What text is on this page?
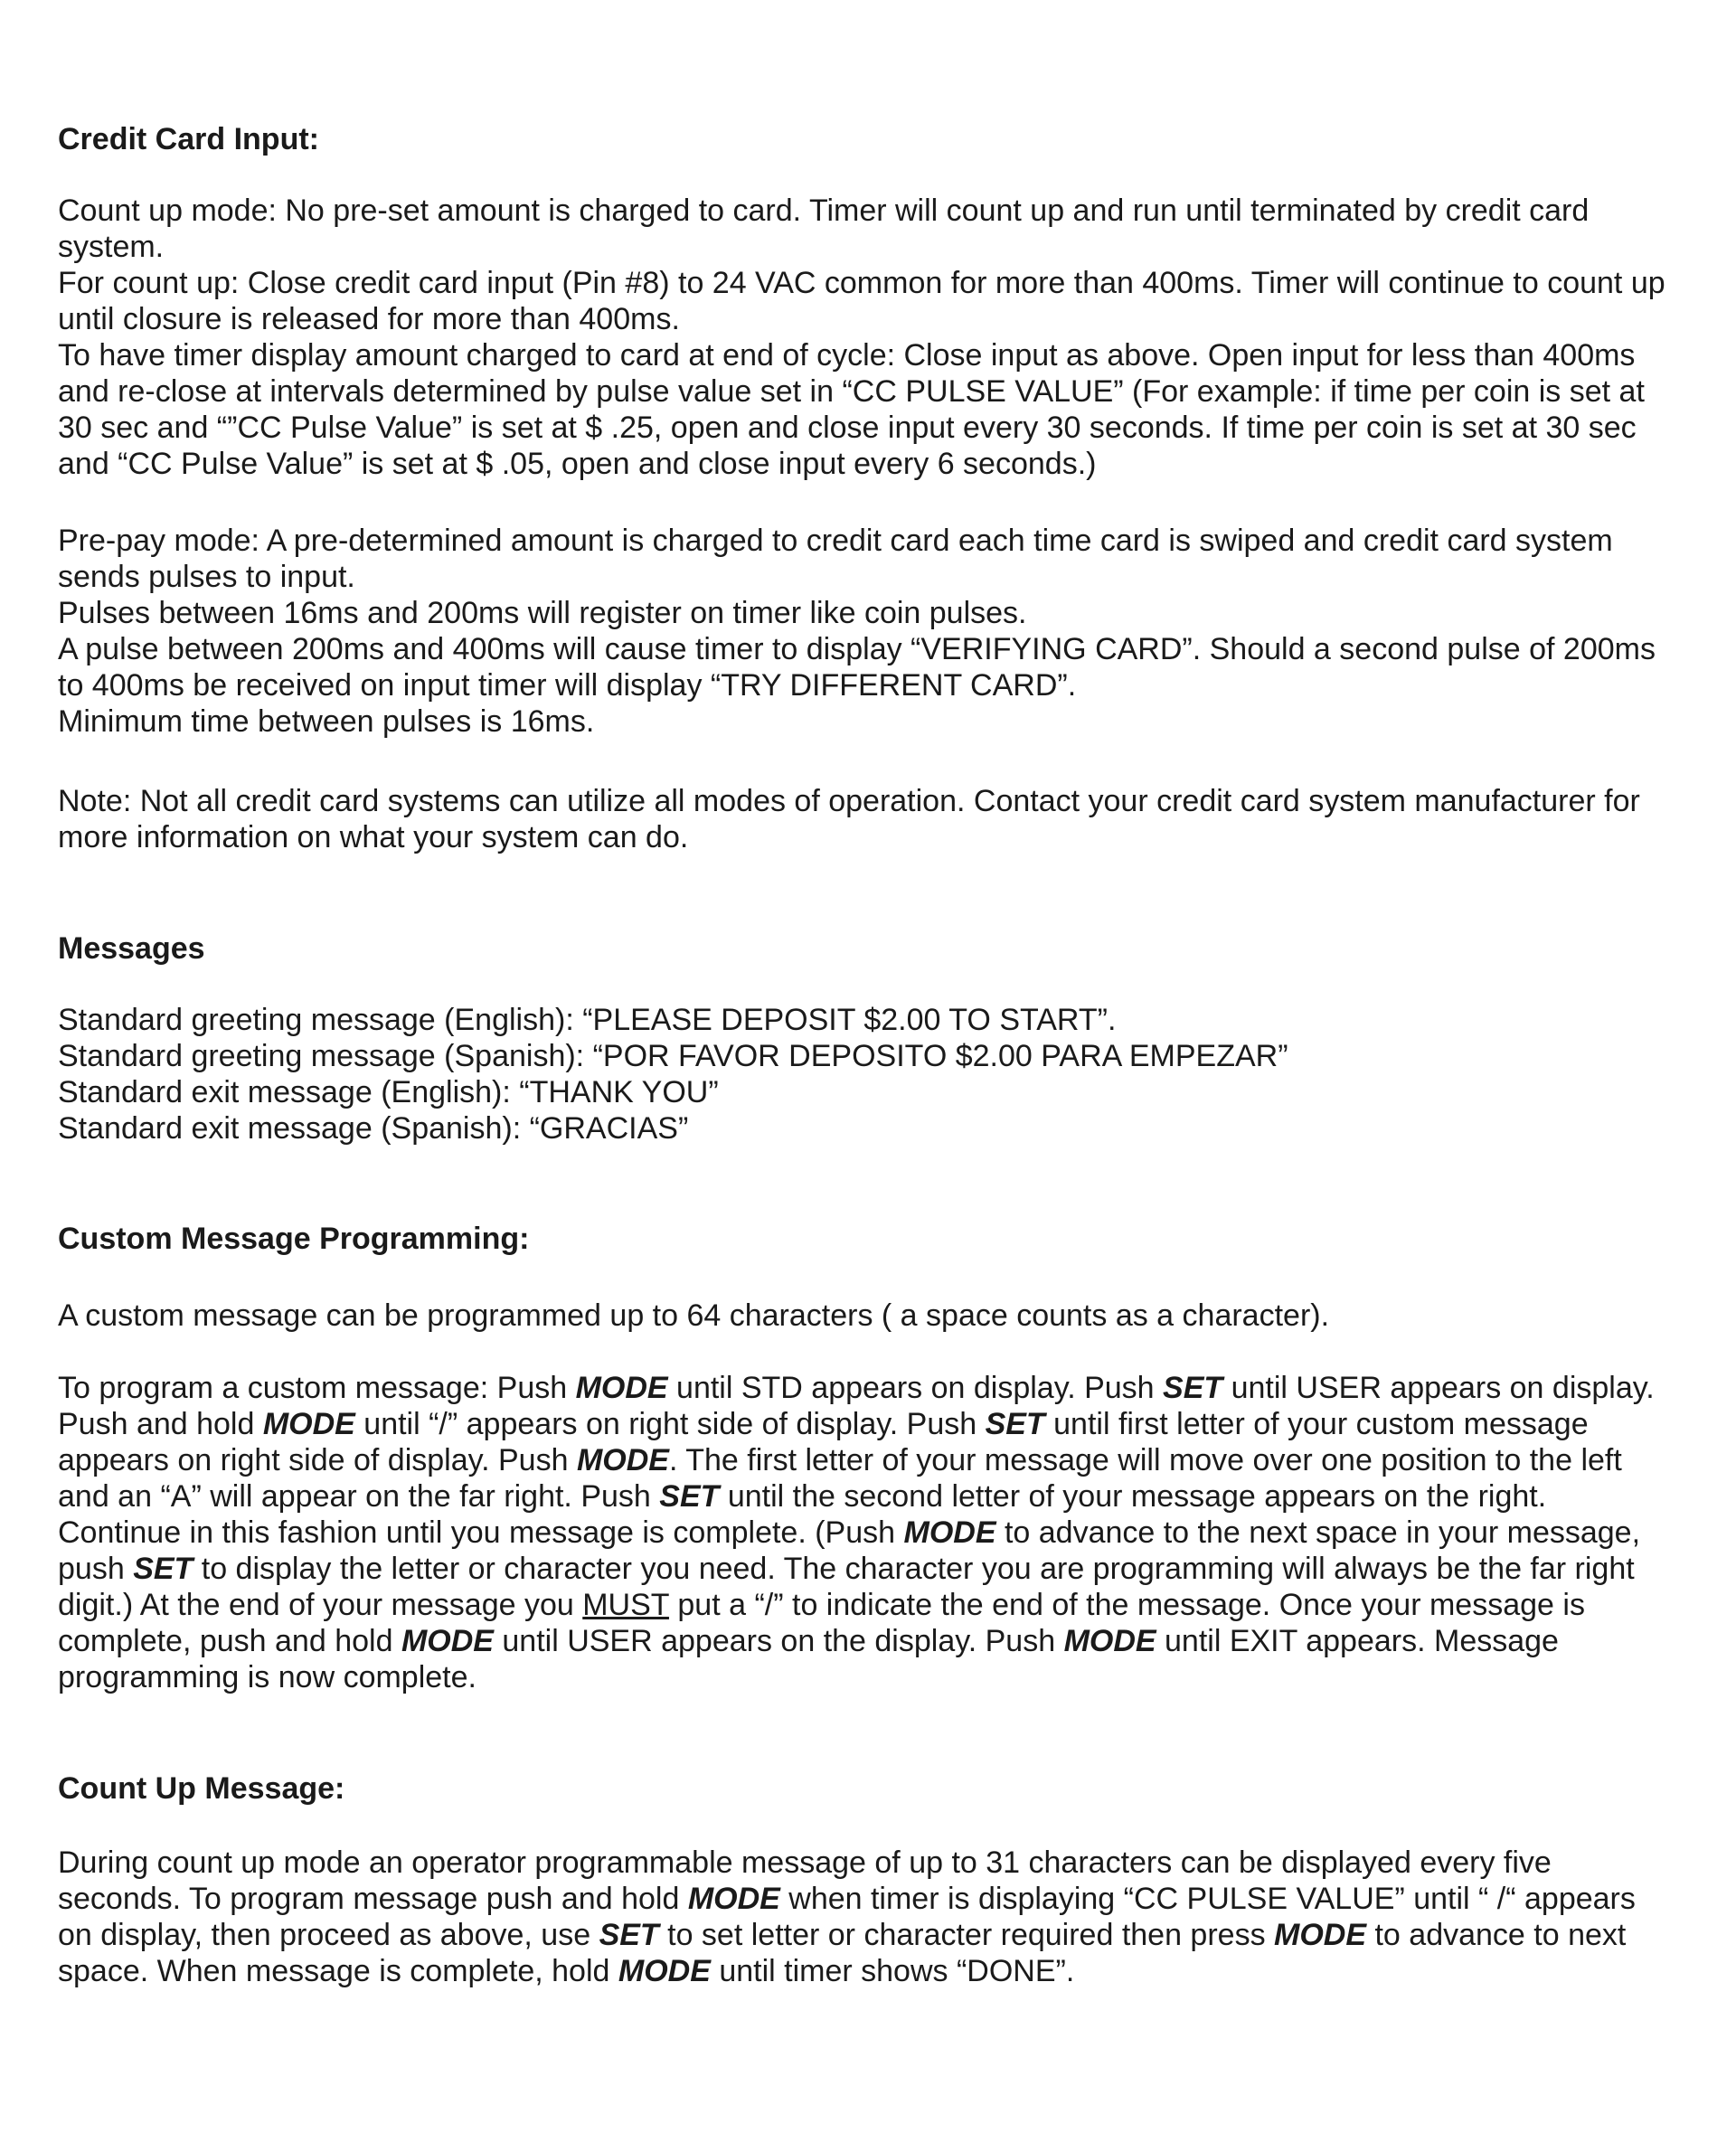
Credit Card Input:

Count up mode: No pre-set amount is charged to card. Timer will count up and run until terminated by credit card system.

For count up: Close credit card input (Pin #8) to 24 VAC common for more than 400ms. Timer will continue to count up until closure is released for more than 400ms.

To have timer display amount charged to card at end of cycle: Close input as above. Open input for less than 400ms and re-close at intervals determined by pulse value set in “CC PULSE VALUE” (For example: if time per coin is set at 30 sec and “”CC Pulse Value” is set at $ .25, open and close input every 30 seconds. If time per coin is set at 30 sec and “CC Pulse Value” is set at $ .05, open and close input every 6 seconds.)

Pre-pay mode: A pre-determined amount is charged to credit card each time card is swiped and credit card system sends pulses to input.

Pulses between 16ms and 200ms will register on timer like coin pulses.

A pulse between 200ms and 400ms will cause timer to display “VERIFYING CARD”. Should a second pulse of 200ms to 400ms be received on input timer will display “TRY DIFFERENT CARD”.

Minimum time between pulses is 16ms.

Note: Not all credit card systems can utilize all modes of operation. Contact your credit card system manufacturer for more information on what your system can do.

Messages

Standard greeting message (English): “PLEASE DEPOSIT $2.00 TO START”.

Standard greeting message (Spanish): “POR FAVOR DEPOSITO $2.00 PARA EMPEZAR”

Standard exit message (English): “THANK YOU”

Standard exit message (Spanish): “GRACIAS”

Custom Message Programming:

A custom message can be programmed up to 64 characters ( a space counts as a character).

To program a custom message: Push MODE until STD appears on display. Push SET until USER appears on display. Push and hold MODE until “/” appears on right side of display. Push SET until first letter of your custom message appears on right side of display. Push MODE. The first letter of your message will move over one position to the left and an “A” will appear on the far right. Push SET until the second letter of your message appears on the right. Continue in this fashion until you message is complete. (Push MODE to advance to the next space in your message, push SET to display the letter or character you need. The character you are programming will always be the far right digit.) At the end of your message you MUST put a “/” to indicate the end of the message. Once your message is complete, push and hold MODE until USER appears on the display. Push MODE until EXIT appears. Message programming is now complete.

Count Up Message:

During count up mode an operator programmable message of up to 31 characters can be displayed every five seconds. To program message push and hold MODE when timer is displaying “CC PULSE VALUE” until “ /“ appears on display, then proceed as above, use SET to set letter or character required then press MODE to advance to next space. When message is complete, hold MODE until timer shows “DONE”.
